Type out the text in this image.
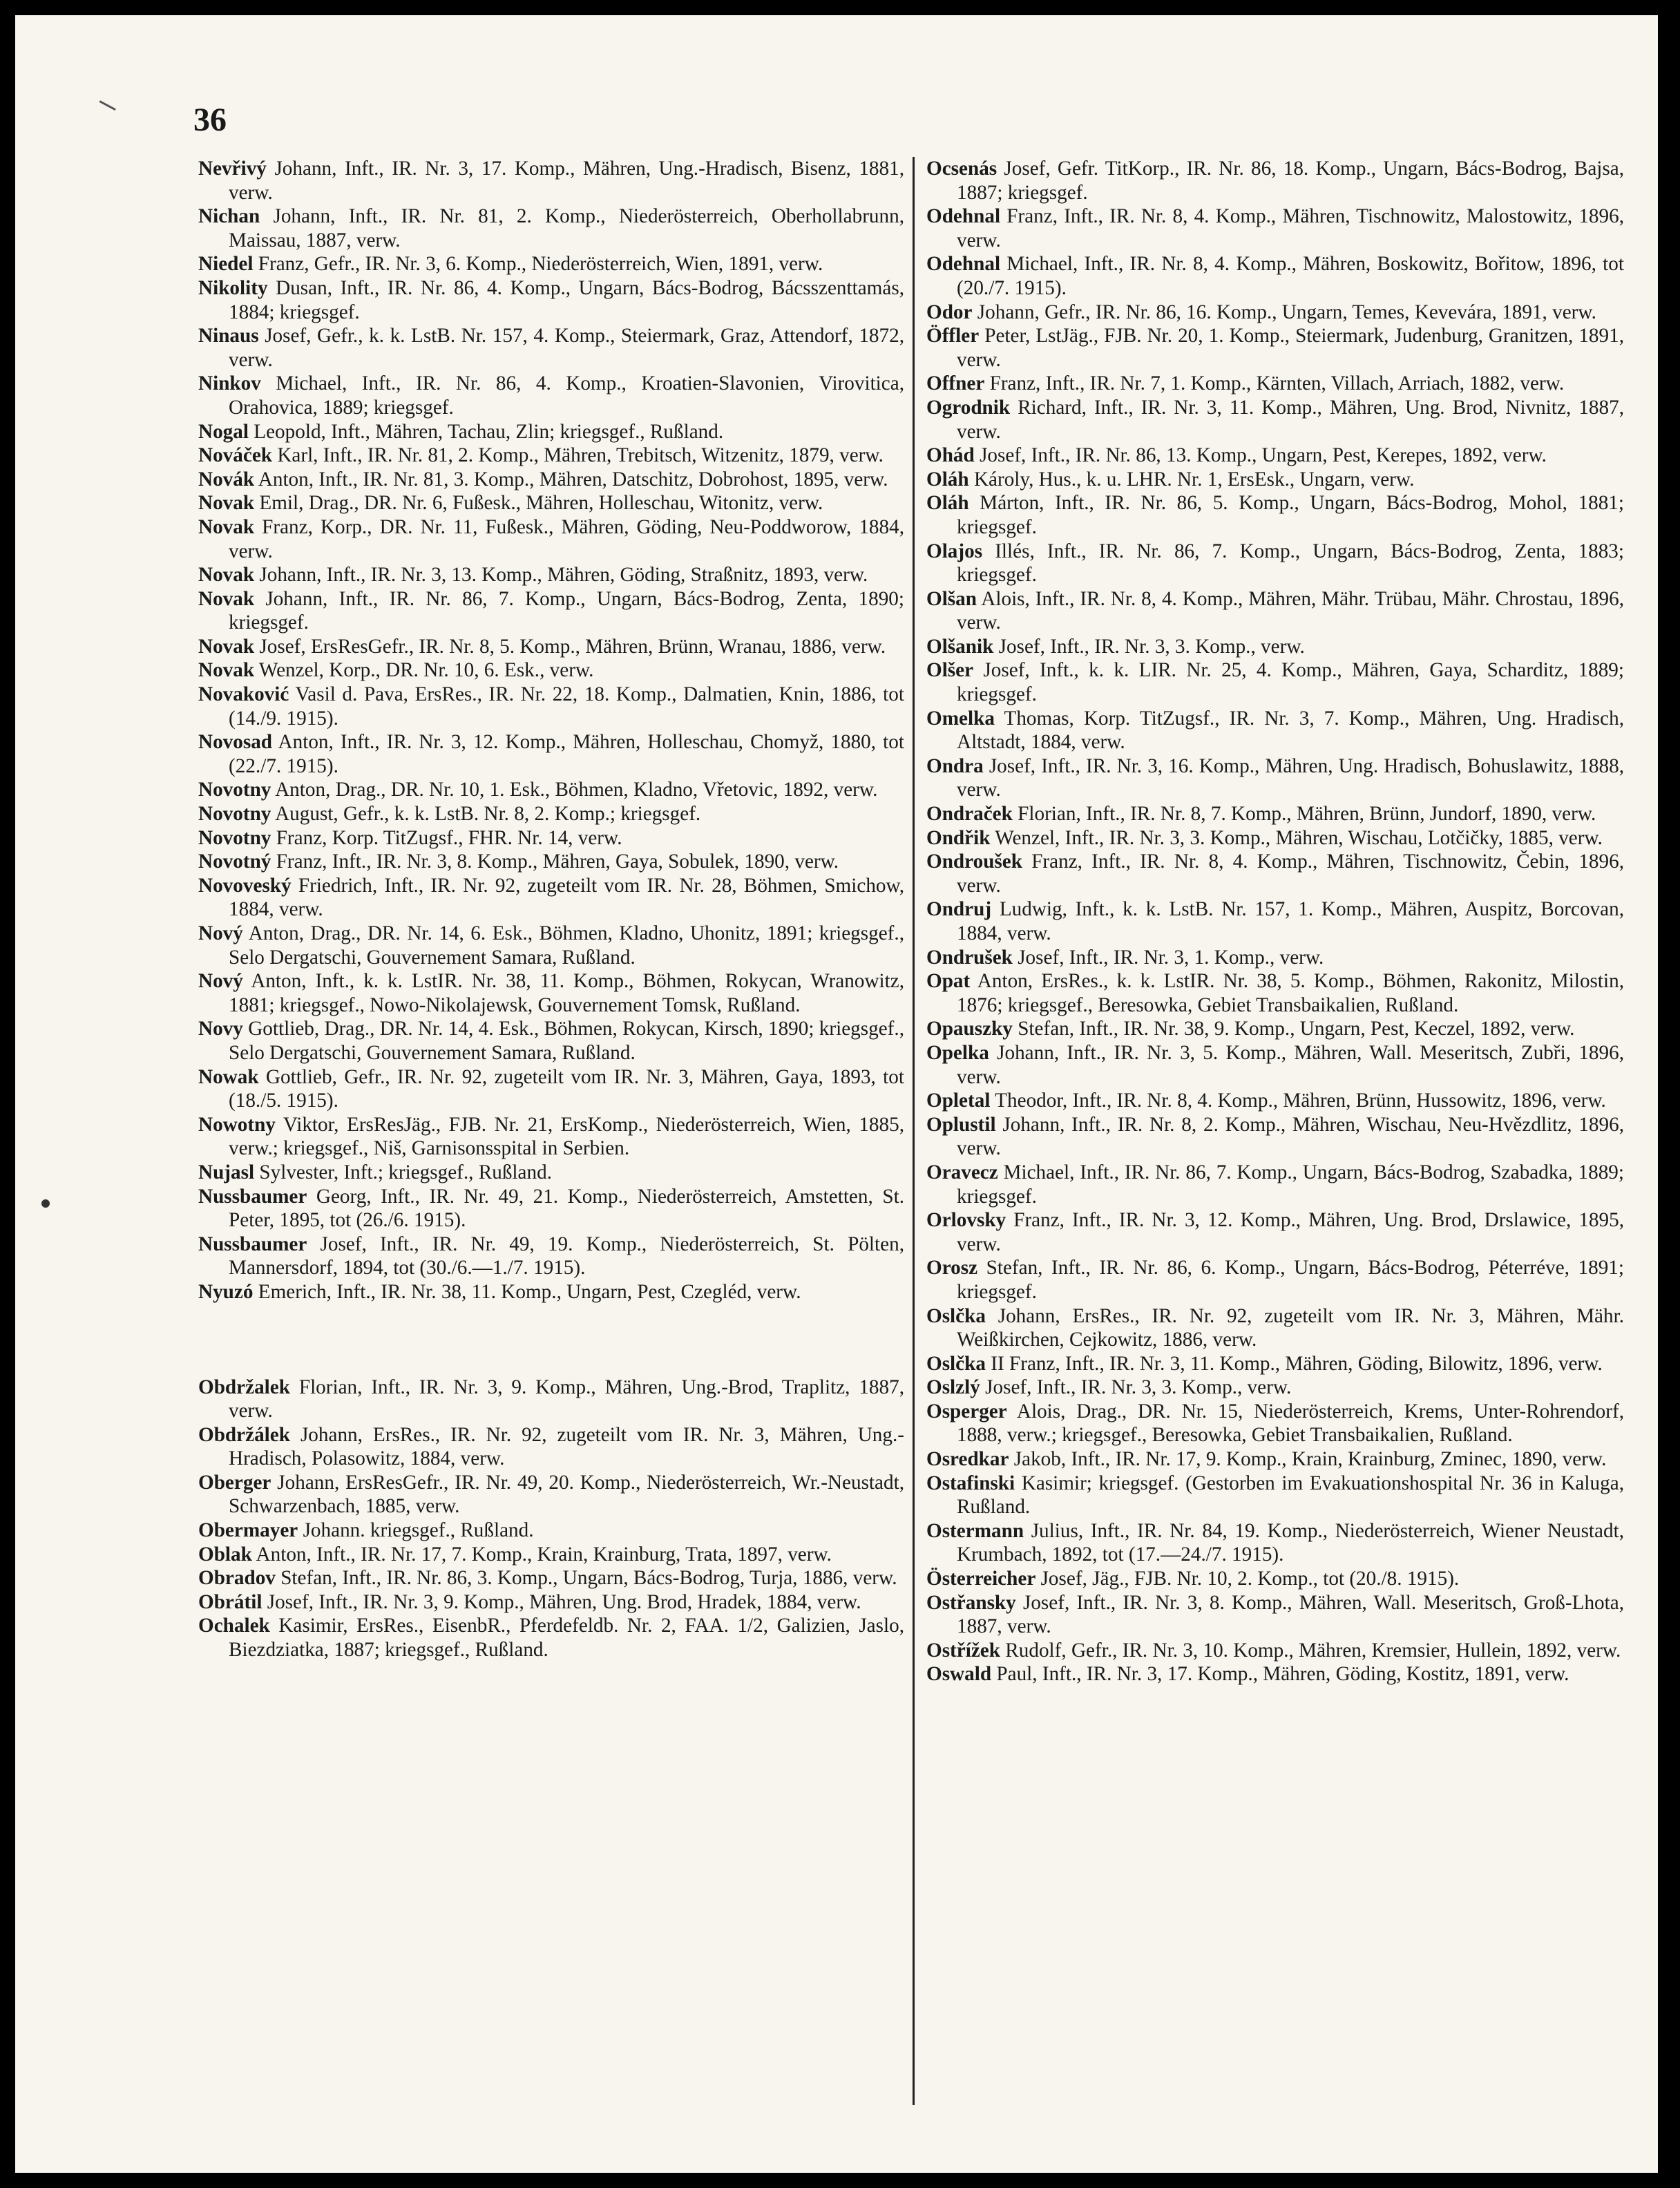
36
Nevřivý Johann, Inft., IR. Nr. 3, 17. Komp., Mähren, Ung.-Hradisch, Bisenz, 1881, verw.
Nichan Johann, Inft., IR. Nr. 81, 2. Komp., Niederösterreich, Oberhollabrunn, Maissau, 1887, verw.
Niedel Franz, Gefr., IR. Nr. 3, 6. Komp., Niederösterreich, Wien, 1891, verw.
Nikolity Dusan, Inft., IR. Nr. 86, 4. Komp., Ungarn, Bács-Bodrog, Bácsszenttamás, 1884; kriegsgef.
Ninaus Josef, Gefr., k. k. LstB. Nr. 157, 4. Komp., Steiermark, Graz, Attendorf, 1872, verw.
Ninkov Michael, Inft., IR. Nr. 86, 4. Komp., Kroatien-Slavonien, Virovitica, Orahovica, 1889; kriegsgef.
Nogal Leopold, Inft., Mähren, Tachau, Zlin; kriegsgef., Rußland.
Nováček Karl, Inft., IR. Nr. 81, 2. Komp., Mähren, Trebitsch, Witzenitz, 1879, verw.
Novák Anton, Inft., IR. Nr. 81, 3. Komp., Mähren, Datschitz, Dobrohost, 1895, verw.
Novak Emil, Drag., DR. Nr. 6, Fußesk., Mähren, Holleschau, Witonitz, verw.
Novak Franz, Korp., DR. Nr. 11, Fußesk., Mähren, Göding, Neu-Poddworow, 1884, verw.
Novak Johann, Inft., IR. Nr. 3, 13. Komp., Mähren, Göding, Straßnitz, 1893, verw.
Novak Johann, Inft., IR. Nr. 86, 7. Komp., Ungarn, Bács-Bodrog, Zenta, 1890; kriegsgef.
Novak Josef, ErsResGefr., IR. Nr. 8, 5. Komp., Mähren, Brünn, Wranau, 1886, verw.
Novak Wenzel, Korp., DR. Nr. 10, 6. Esk., verw.
Novaković Vasil d. Pava, ErsRes., IR. Nr. 22, 18. Komp., Dalmatien, Knin, 1886, tot (14./9. 1915).
Novosad Anton, Inft., IR. Nr. 3, 12. Komp., Mähren, Holleschau, Chomyž, 1880, tot (22./7. 1915).
Novotny Anton, Drag., DR. Nr. 10, 1. Esk., Böhmen, Kladno, Vřetovic, 1892, verw.
Novotny August, Gefr., k. k. LstB. Nr. 8, 2. Komp.; kriegsgef.
Novotny Franz, Korp. TitZugsf., FHR. Nr. 14, verw.
Novotný Franz, Inft., IR. Nr. 3, 8. Komp., Mähren, Gaya, Sobulek, 1890, verw.
Novoveský Friedrich, Inft., IR. Nr. 92, zugeteilt vom IR. Nr. 28, Böhmen, Smichow, 1884, verw.
Nový Anton, Drag., DR. Nr. 14, 6. Esk., Böhmen, Kladno, Uhonitz, 1891; kriegsgef., Selo Dergatschi, Gouvernement Samara, Rußland.
Nový Anton, Inft., k. k. LstIR. Nr. 38, 11. Komp., Böhmen, Rokycan, Wranowitz, 1881; kriegsgef., Nowo-Nikolajewsk, Gouvernement Tomsk, Rußland.
Novy Gottlieb, Drag., DR. Nr. 14, 4. Esk., Böhmen, Rokycan, Kirsch, 1890; kriegsgef., Selo Dergatschi, Gouvernement Samara, Rußland.
Nowak Gottlieb, Gefr., IR. Nr. 92, zugeteilt vom IR. Nr. 3, Mähren, Gaya, 1893, tot (18./5. 1915).
Nowotny Viktor, ErsResJäg., FJB. Nr. 21, ErsKomp., Niederösterreich, Wien, 1885, verw.; kriegsgef., Niš, Garnisonsspital in Serbien.
Nujasl Sylvester, Inft.; kriegsgef., Rußland.
Nussbaumer Georg, Inft., IR. Nr. 49, 21. Komp., Niederösterreich, Amstetten, St. Peter, 1895, tot (26./6. 1915).
Nussbaumer Josef, Inft., IR. Nr. 49, 19. Komp., Niederösterreich, St. Pölten, Mannersdorf, 1894, tot (30./6.—1./7. 1915).
Nyuzó Emerich, Inft., IR. Nr. 38, 11. Komp., Ungarn, Pest, Czegléd, verw.
Obdržalek Florian, Inft., IR. Nr. 3, 9. Komp., Mähren, Ung.-Brod, Traplitz, 1887, verw.
Obdržálek Johann, ErsRes., IR. Nr. 92, zugeteilt vom IR. Nr. 3, Mähren, Ung.-Hradisch, Polasowitz, 1884, verw.
Oberger Johann, ErsResGefr., IR. Nr. 49, 20. Komp., Niederösterreich, Wr.-Neustadt, Schwarzenbach, 1885, verw.
Obermayer Johann. kriegsgef., Rußland.
Oblak Anton, Inft., IR. Nr. 17, 7. Komp., Krain, Krainburg, Trata, 1897, verw.
Obradov Stefan, Inft., IR. Nr. 86, 3. Komp., Ungarn, Bács-Bodrog, Turja, 1886, verw.
Obrátil Josef, Inft., IR. Nr. 3, 9. Komp., Mähren, Ung. Brod, Hradek, 1884, verw.
Ochalek Kasimir, ErsRes., EisenbR., Pferdefeldb. Nr. 2, FAA. 1/2, Galizien, Jaslo, Biezdziatka, 1887; kriegsgef., Rußland.
Ocsenás Josef, Gefr. TitKorp., IR. Nr. 86, 18. Komp., Ungarn, Bács-Bodrog, Bajsa, 1887; kriegsgef.
Odehnal Franz, Inft., IR. Nr. 8, 4. Komp., Mähren, Tischnowitz, Malostowitz, 1896, verw.
Odehnal Michael, Inft., IR. Nr. 8, 4. Komp., Mähren, Boskowitz, Bořitow, 1896, tot (20./7. 1915).
Odor Johann, Gefr., IR. Nr. 86, 16. Komp., Ungarn, Temes, Kevevára, 1891, verw.
Öffler Peter, LstJäg., FJB. Nr. 20, 1. Komp., Steiermark, Judenburg, Granitzen, 1891, verw.
Offner Franz, Inft., IR. Nr. 7, 1. Komp., Kärnten, Villach, Arriach, 1882, verw.
Ogrodnik Richard, Inft., IR. Nr. 3, 11. Komp., Mähren, Ung. Brod, Nivnitz, 1887, verw.
Ohád Josef, Inft., IR. Nr. 86, 13. Komp., Ungarn, Pest, Kerepes, 1892, verw.
Oláh Károly, Hus., k. u. LHR. Nr. 1, ErsEsk., Ungarn, verw.
Oláh Márton, Inft., IR. Nr. 86, 5. Komp., Ungarn, Bács-Bodrog, Mohol, 1881; kriegsgef.
Olajos Illés, Inft., IR. Nr. 86, 7. Komp., Ungarn, Bács-Bodrog, Zenta, 1883; kriegsgef.
Olšan Alois, Inft., IR. Nr. 8, 4. Komp., Mähren, Mähr. Trübau, Mähr. Chrostau, 1896, verw.
Olšanik Josef, Inft., IR. Nr. 3, 3. Komp., verw.
Olšer Josef, Inft., k. k. LIR. Nr. 25, 4. Komp., Mähren, Gaya, Scharditz, 1889; kriegsgef.
Omelka Thomas, Korp. TitZugsf., IR. Nr. 3, 7. Komp., Mähren, Ung. Hradisch, Altstadt, 1884, verw.
Ondra Josef, Inft., IR. Nr. 3, 16. Komp., Mähren, Ung. Hradisch, Bohuslawitz, 1888, verw.
Ondraček Florian, Inft., IR. Nr. 8, 7. Komp., Mähren, Brünn, Jundorf, 1890, verw.
Ondřik Wenzel, Inft., IR. Nr. 3, 3. Komp., Mähren, Wischau, Lotčičky, 1885, verw.
Ondroušek Franz, Inft., IR. Nr. 8, 4. Komp., Mähren, Tischnowitz, Čebin, 1896, verw.
Ondruj Ludwig, Inft., k. k. LstB. Nr. 157, 1. Komp., Mähren, Auspitz, Borcovan, 1884, verw.
Ondrušek Josef, Inft., IR. Nr. 3, 1. Komp., verw.
Opat Anton, ErsRes., k. k. LstIR. Nr. 38, 5. Komp., Böhmen, Rakonitz, Milostin, 1876; kriegsgef., Beresowka, Gebiet Transbaikalien, Rußland.
Opauszky Stefan, Inft., IR. Nr. 38, 9. Komp., Ungarn, Pest, Keczel, 1892, verw.
Opelka Johann, Inft., IR. Nr. 3, 5. Komp., Mähren, Wall. Meseritsch, Zubři, 1896, verw.
Opletal Theodor, Inft., IR. Nr. 8, 4. Komp., Mähren, Brünn, Hussowitz, 1896, verw.
Oplustil Johann, Inft., IR. Nr. 8, 2. Komp., Mähren, Wischau, Neu-Hvězdlitz, 1896, verw.
Oravecz Michael, Inft., IR. Nr. 86, 7. Komp., Ungarn, Bács-Bodrog, Szabadka, 1889; kriegsgef.
Orlovsky Franz, Inft., IR. Nr. 3, 12. Komp., Mähren, Ung. Brod, Drslawice, 1895, verw.
Orosz Stefan, Inft., IR. Nr. 86, 6. Komp., Ungarn, Bács-Bodrog, Péterréve, 1891; kriegsgef.
Oslčka Johann, ErsRes., IR. Nr. 92, zugeteilt vom IR. Nr. 3, Mähren, Mähr. Weißkirchen, Cejkowitz, 1886, verw.
Oslčka II Franz, Inft., IR. Nr. 3, 11. Komp., Mähren, Göding, Bilowitz, 1896, verw.
Oslzlý Josef, Inft., IR. Nr. 3, 3. Komp., verw.
Osperger Alois, Drag., DR. Nr. 15, Niederösterreich, Krems, Unter-Rohrendorf, 1888, verw.; kriegsgef., Beresowka, Gebiet Transbaikalien, Rußland.
Osredkar Jakob, Inft., IR. Nr. 17, 9. Komp., Krain, Krainburg, Zminec, 1890, verw.
Ostafinski Kasimir; kriegsgef. (Gestorben im Evakuationshospital Nr. 36 in Kaluga, Rußland.
Ostermann Julius, Inft., IR. Nr. 84, 19. Komp., Niederösterreich, Wiener Neustadt, Krumbach, 1892, tot (17.—24./7. 1915).
Österreicher Josef, Jäg., FJB. Nr. 10, 2. Komp., tot (20./8. 1915).
Ostřansky Josef, Inft., IR. Nr. 3, 8. Komp., Mähren, Wall. Meseritsch, Groß-Lhota, 1887, verw.
Ostřížek Rudolf, Gefr., IR. Nr. 3, 10. Komp., Mähren, Kremsier, Hullein, 1892, verw.
Oswald Paul, Inft., IR. Nr. 3, 17. Komp., Mähren, Göding, Kostitz, 1891, verw.
